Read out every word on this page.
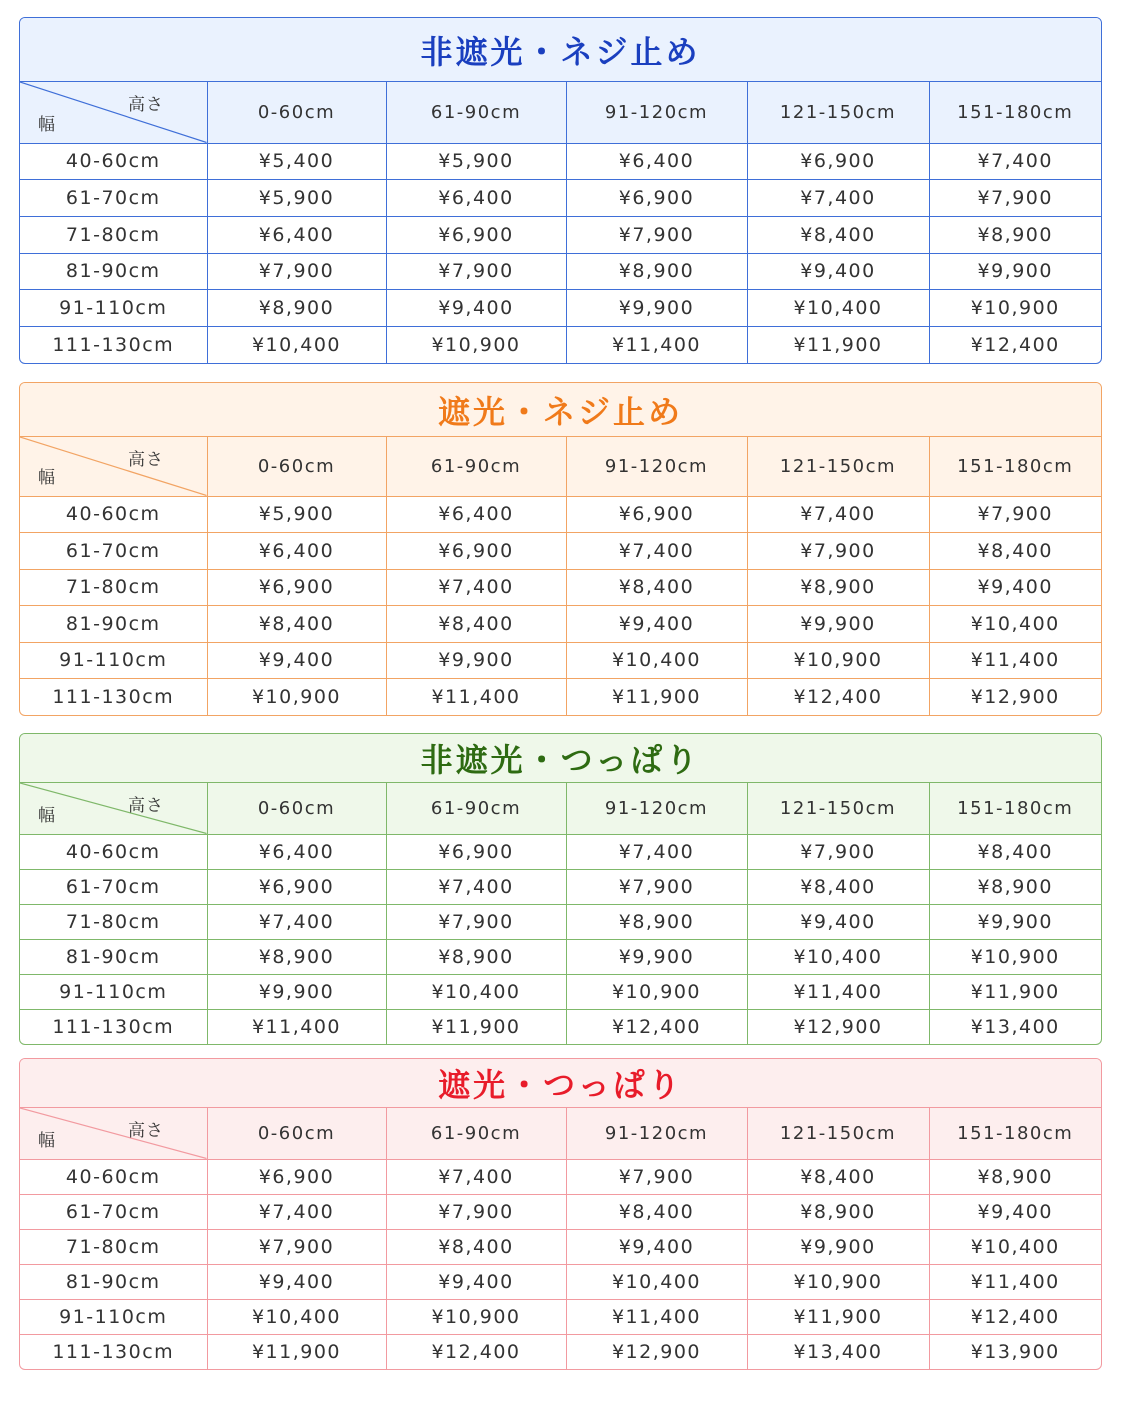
非遮光・ネジ止め
高さ
幅	0-60cm	61-90cm	91-120cm	121-150cm	151-180cm
40-60cm	¥5,400	¥5,900	¥6,400	¥6,900	¥7,400
61-70cm	¥5,900	¥6,400	¥6,900	¥7,400	¥7,900
71-80cm	¥6,400	¥6,900	¥7,900	¥8,400	¥8,900
81-90cm	¥7,900	¥7,900	¥8,900	¥9,400	¥9,900
91-110cm	¥8,900	¥9,400	¥9,900	¥10,400	¥10,900
111-130cm	¥10,400	¥10,900	¥11,400	¥11,900	¥12,400
遮光・ネジ止め
高さ
幅	0-60cm	61-90cm	91-120cm	121-150cm	151-180cm
40-60cm	¥5,900	¥6,400	¥6,900	¥7,400	¥7,900
61-70cm	¥6,400	¥6,900	¥7,400	¥7,900	¥8,400
71-80cm	¥6,900	¥7,400	¥8,400	¥8,900	¥9,400
81-90cm	¥8,400	¥8,400	¥9,400	¥9,900	¥10,400
91-110cm	¥9,400	¥9,900	¥10,400	¥10,900	¥11,400
111-130cm	¥10,900	¥11,400	¥11,900	¥12,400	¥12,900
非遮光・つっぱり
高さ
幅	0-60cm	61-90cm	91-120cm	121-150cm	151-180cm
40-60cm	¥6,400	¥6,900	¥7,400	¥7,900	¥8,400
61-70cm	¥6,900	¥7,400	¥7,900	¥8,400	¥8,900
71-80cm	¥7,400	¥7,900	¥8,900	¥9,400	¥9,900
81-90cm	¥8,900	¥8,900	¥9,900	¥10,400	¥10,900
91-110cm	¥9,900	¥10,400	¥10,900	¥11,400	¥11,900
111-130cm	¥11,400	¥11,900	¥12,400	¥12,900	¥13,400
遮光・つっぱり
高さ
幅	0-60cm	61-90cm	91-120cm	121-150cm	151-180cm
40-60cm	¥6,900	¥7,400	¥7,900	¥8,400	¥8,900
61-70cm	¥7,400	¥7,900	¥8,400	¥8,900	¥9,400
71-80cm	¥7,900	¥8,400	¥9,400	¥9,900	¥10,400
81-90cm	¥9,400	¥9,400	¥10,400	¥10,900	¥11,400
91-110cm	¥10,400	¥10,900	¥11,400	¥11,900	¥12,400
111-130cm	¥11,900	¥12,400	¥12,900	¥13,400	¥13,900
